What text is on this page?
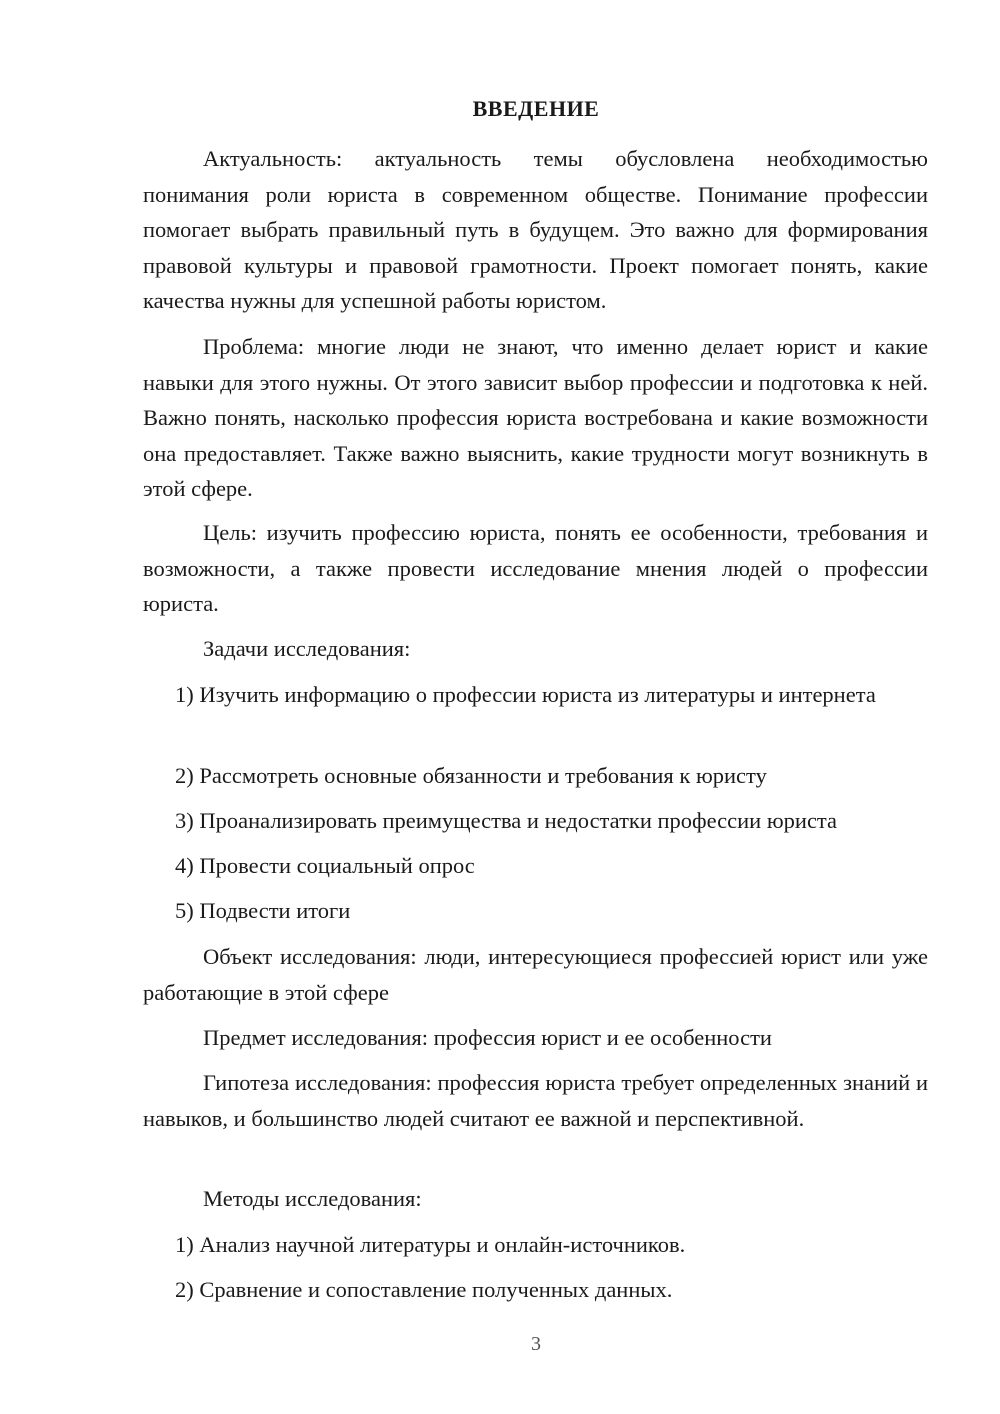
ВВЕДЕНИЕ

Актуальность: актуальность темы обусловлена необходимостью понимания роли юриста в современном обществе. Понимание профессии помогает выбрать правильный путь в будущем. Это важно для формирования правовой культуры и правовой грамотности. Проект помогает понять, какие качества нужны для успешной работы юристом.

Проблема: многие люди не знают, что именно делает юрист и какие навыки для этого нужны. От этого зависит выбор профессии и подготовка к ней. Важно понять, насколько профессия юриста востребована и какие возможности она предоставляет. Также важно выяснить, какие трудности могут возникнуть в этой сфере.

Цель: изучить профессию юриста, понять ее особенности, требования и возможности, а также провести исследование мнения людей о профессии юриста.

Задачи исследования:

1) Изучить информацию о профессии юриста из литературы и интернета

2) Рассмотреть основные обязанности и требования к юристу

3) Проанализировать преимущества и недостатки профессии юриста

4) Провести социальный опрос

5) Подвести итоги

Объект исследования: люди, интересующиеся профессией юрист или уже работающие в этой сфере

Предмет исследования: профессия юрист и ее особенности

Гипотеза исследования: профессия юриста требует определенных знаний и навыков, и большинство людей считают ее важной и перспективной.

Методы исследования:

1) Анализ научной литературы и онлайн-источников.

2) Сравнение и сопоставление полученных данных.

3
